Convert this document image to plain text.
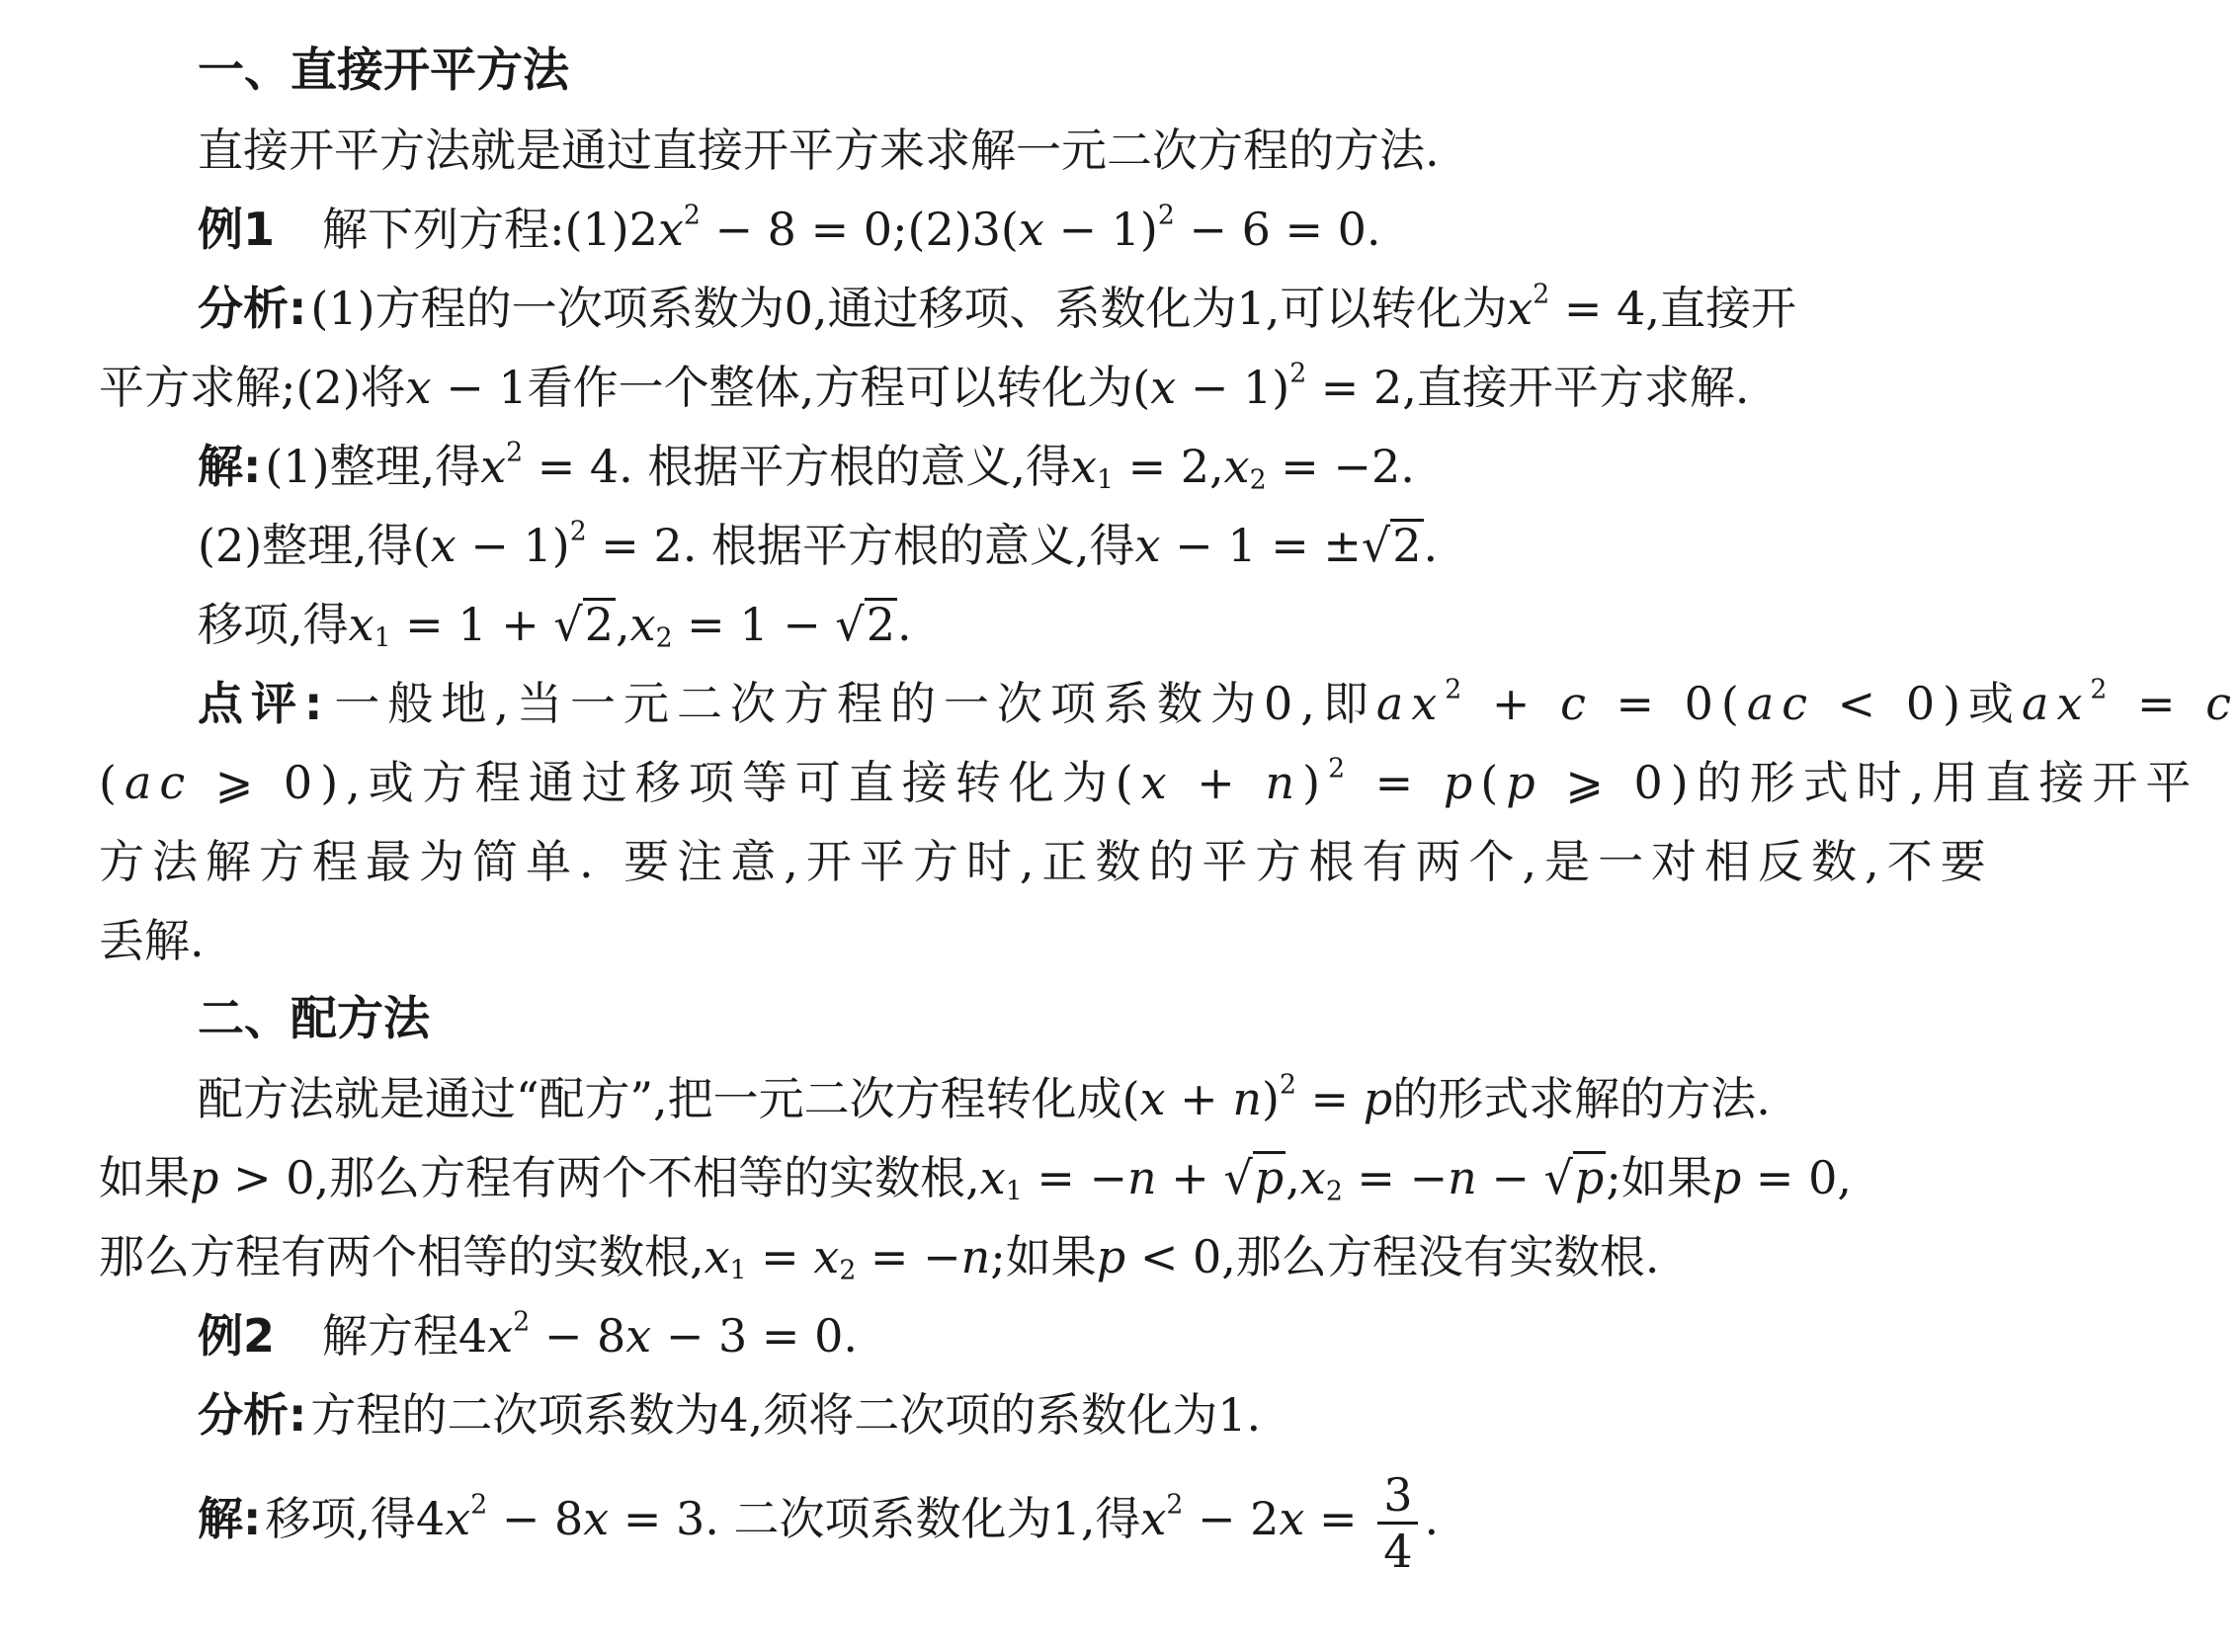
一、直接开平方法
直接开平方法就是通过直接开平方来求解一元二次方程的方法.
例1 解下列方程$:(1)2x^2 - 8$ = 0;(2)3(x − 1)$^2$ − 6 = 0.
分析:(1)方程的一次项系数为0,通过移项、系数化为1,可以转化为$x^2 = 4$,直接开
平方求解;(2)将x − 1看作一个整体,方程可以转化为$(x - 1)^2 = 2$,直接开平方求解.
解:(1)整理,得$x^2 = 4$. 根据平方根的意义,得$x_1 = 2,x_2 = -2$.
(2)整理,得$(x - 1)^2 = 2$. 根据平方根的意义,得x − 1 = ±√2.
移项,得$x_1 = 1 + √2,x_2 = 1 - √2$.
点评:一般地,当一元二次方程的一次项系数为0,即$ax^2 + c = 0(ac < 0)$或$ax^2 = c$
(ac ⩾ 0),或方程通过移项等可直接转化为$(x + n)^2 = p(p$ ⩾ 0)的形式时,用直接开平
方法解方程最为简单. 要注意,开平方时,正数的平方根有两个,是一对相反数,不要
丢解.
二、配方法
配方法就是通过“配方”,把一元二次方程转化成$(x + n)^2 = p$的形式求解的方法.
如果p > 0,那么方程有两个不相等的实数根$,x_1 = -n + √p,x_2 = -n - √p$;如果p = 0,
那么方程有两个相等的实数根$,x_1 = x_2 = -n$;如果p < 0,那么方程没有实数根.
例2 解方程$4x^2 - 8x - 3 = 0$.
分析:方程的二次项系数为4,须将二次项的系数化为1.
解:移项,得$4x^2 - 8x = 3$. 二次项系数化为1,得$x^2 - 2x = \frac{3}{4}$ .
